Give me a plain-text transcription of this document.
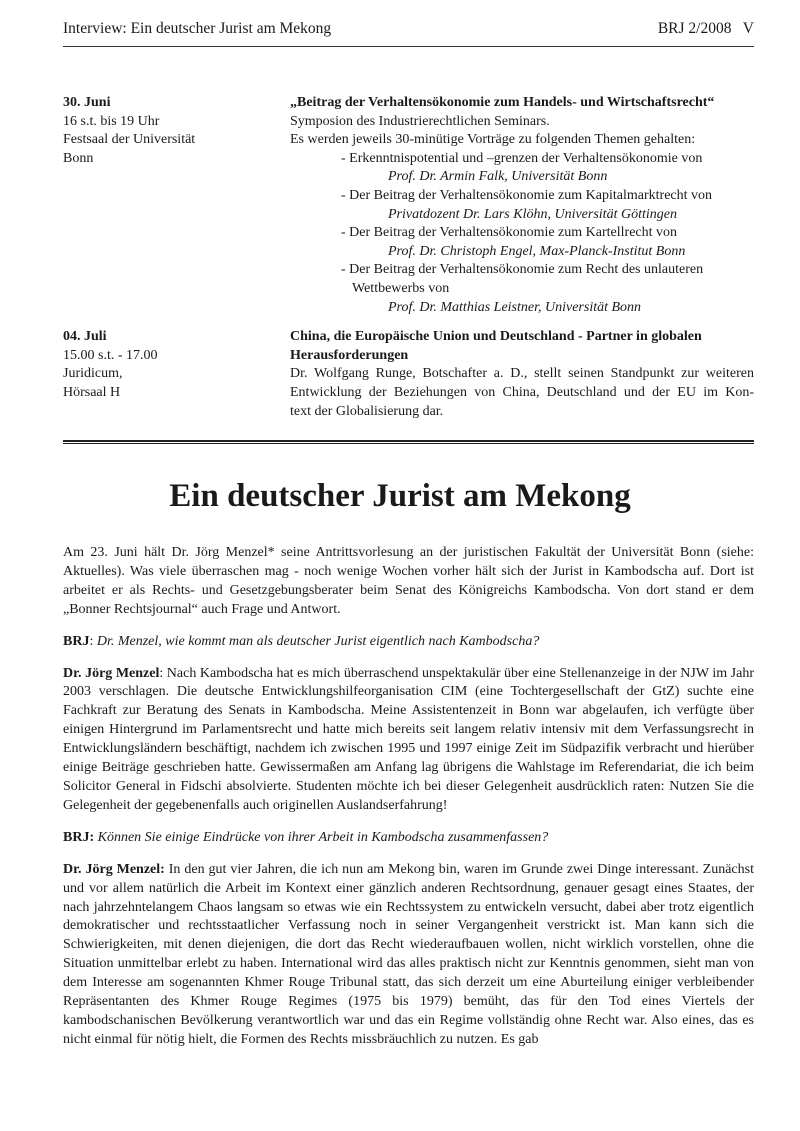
Interview: Ein deutscher Jurist am Mekong	BRJ 2/2008   V
30. Juni
16 s.t. bis 19 Uhr
Festsaal der Universität
Bonn
„Beitrag der Verhaltensökonomie zum Handels- und Wirtschaftsrecht“
Symposion des Industrierechtlichen Seminars.
Es werden jeweils 30-minütige Vorträge zu folgenden Themen gehalten:
- Erkenntnispotential und –grenzen der Verhaltensökonomie von
Prof. Dr. Armin Falk, Universität Bonn
- Der Beitrag der Verhaltensökonomie zum Kapitalmarktrecht von
Privatdozent Dr. Lars Klöhn, Universität Göttingen
- Der Beitrag der Verhaltensökonomie zum Kartellrecht von
Prof. Dr. Christoph Engel, Max-Planck-Institut Bonn
- Der Beitrag der Verhaltensökonomie zum Recht des unlauteren
Wettbewerbs von
Prof. Dr. Matthias Leistner, Universität Bonn
04. Juli
15.00 s.t. - 17.00
Juridicum,
Hörsaal H
China, die Europäische Union und Deutschland - Partner in globalen
Herausforderungen
Dr. Wolfgang Runge, Botschafter a. D., stellt seinen Standpunkt zur weiteren
Entwicklung der Beziehungen von China, Deutschland und der EU im Kon-
text der Globalisierung dar.
Ein deutscher Jurist am Mekong

Am 23. Juni hält Dr. Jörg Menzel* seine Antrittsvorlesung an der juristischen Fakultät der Universität Bonn (siehe: Aktuelles). Was viele überraschen mag - noch wenige Wochen vorher hält sich der Jurist in Kambodscha auf. Dort ist arbeitet er als Rechts- und Gesetzgebungsberater beim Senat des Königreichs Kambodscha. Von dort stand er dem „Bonner Rechtsjournal“ auch Frage und Antwort.

BRJ: Dr. Menzel, wie kommt man als deutscher Jurist eigentlich nach Kambodscha?

Dr. Jörg Menzel: Nach Kambodscha hat es mich überraschend unspektakulär über eine Stellenanzeige in der NJW im Jahr 2003 verschlagen. Die deutsche Entwicklungshilfeorganisation CIM (eine Tochtergesellschaft der GtZ) suchte eine Fachkraft zur Beratung des Senats in Kambodscha. Meine Assistentenzeit in Bonn war abgelaufen, ich verfügte über einigen Hintergrund im Parlamentsrecht und hatte mich bereits seit langem relativ intensiv mit dem Verfassungsrecht in Entwicklungsländern beschäftigt, nachdem ich zwischen 1995 und 1997 einige Zeit im Südpazifik verbracht und hierüber einige Beiträge geschrieben hatte. Gewissermaßen am Anfang lag übrigens die Wahlstage im Referendariat, die ich beim Solicitor General in Fidschi absolvierte. Studenten möchte ich bei dieser Gelegenheit ausdrücklich raten: Nutzen Sie die Gelegenheit der gegebenenfalls auch originellen Auslandserfahrung!

BRJ: Können Sie einige Eindrücke von ihrer Arbeit in Kambodscha zusammenfassen?

Dr. Jörg Menzel: In den gut vier Jahren, die ich nun am Mekong bin, waren im Grunde zwei Dinge interessant. Zunächst und vor allem natürlich die Arbeit im Kontext einer gänzlich anderen Rechtsordnung, genauer gesagt eines Staates, der nach jahrzehntelangem Chaos langsam so etwas wie ein Rechtssystem zu entwickeln versucht, dabei aber trotz eigentlich demokratischer und rechtsstaatlicher Verfassung noch in seiner Vergangenheit verstrickt ist. Man kann sich die Schwierigkeiten, mit denen diejenigen, die dort das Recht wiederaufbauen wollen, nicht wirklich vorstellen, ohne die Situation unmittelbar erlebt zu haben. International wird das alles praktisch nicht zur Kenntnis genommen, sieht man von dem Interesse am sogenannten Khmer Rouge Tribunal statt, das sich derzeit um eine Aburteilung einiger verbleibender Repräsentanten des Khmer Rouge Regimes (1975 bis 1979) bemüht, das für den Tod eines Viertels der kambodschanischen Bevölkerung verantwortlich war und das ein Regime vollständig ohne Recht war. Also eines, das es nicht einmal für nötig hielt, die Formen des Rechts missbräuchlich zu nutzen. Es gab
